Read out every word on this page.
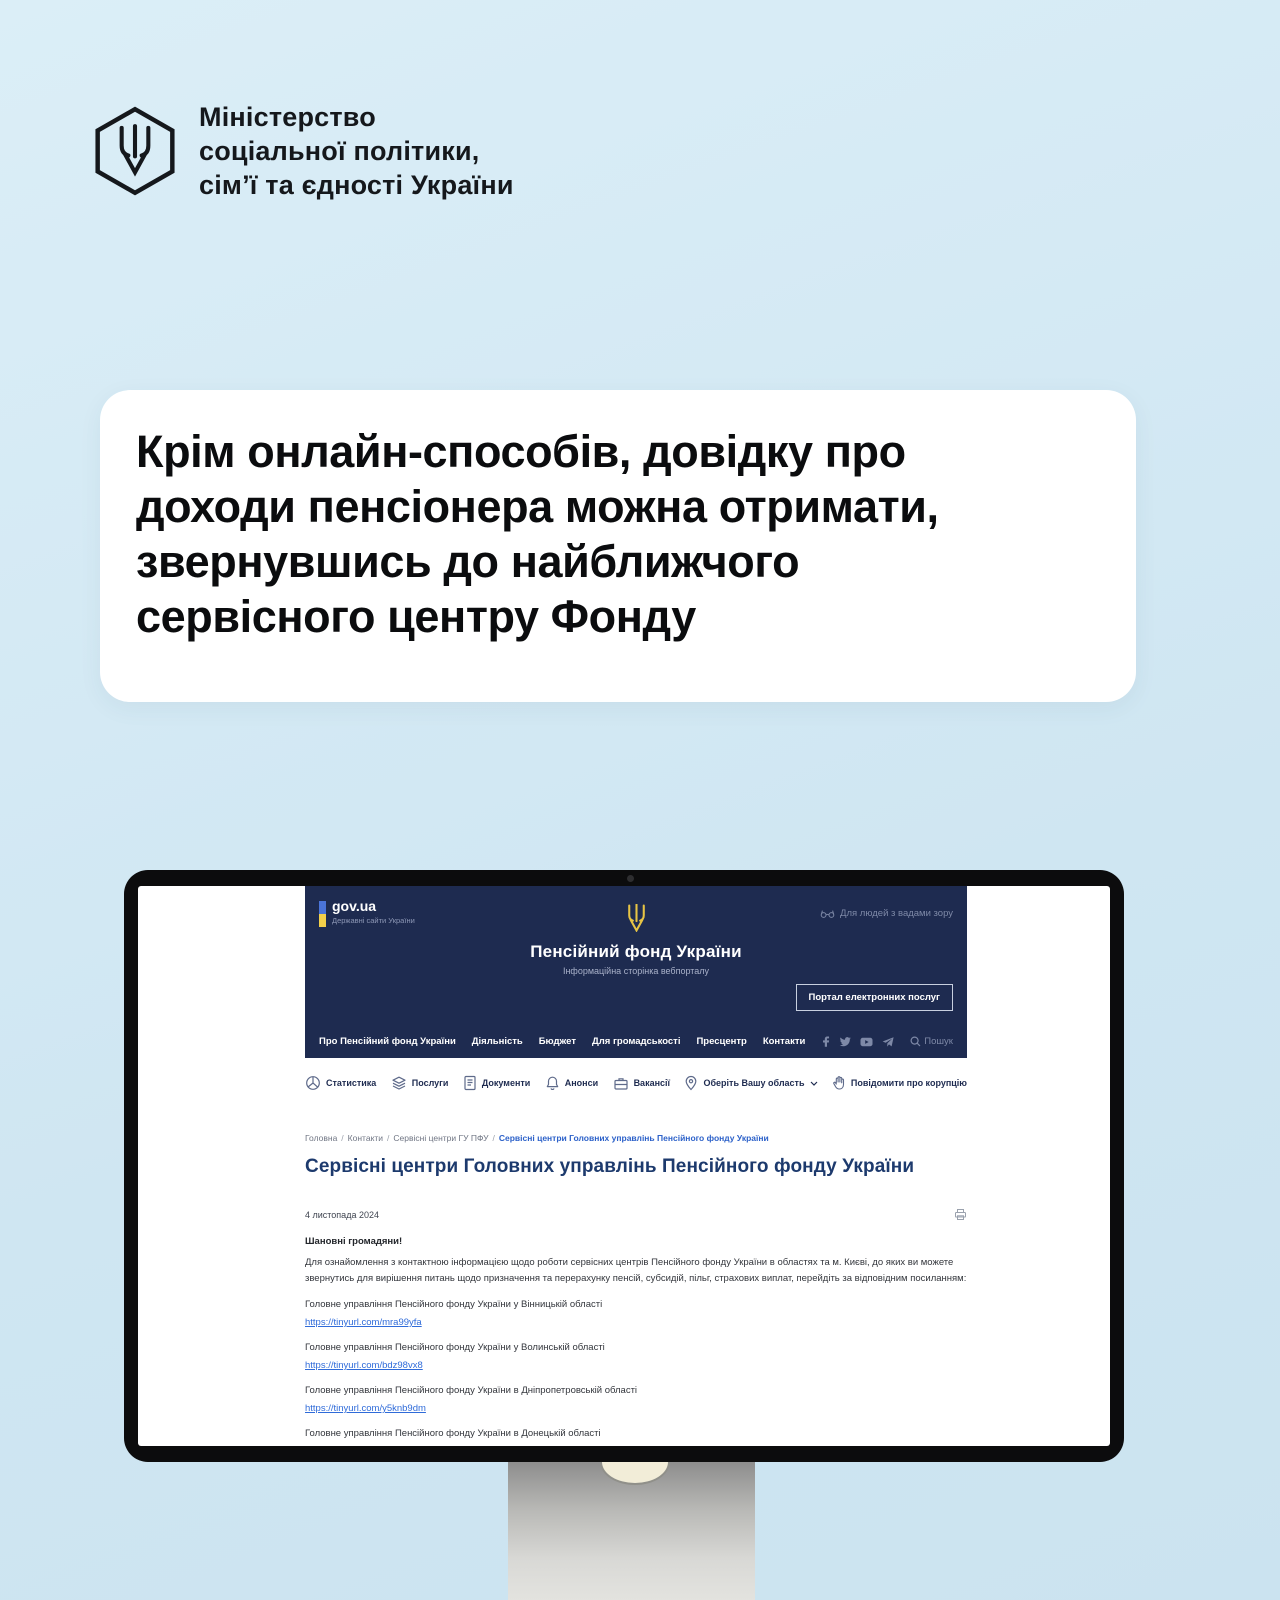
Міністерство
соціальної політики,
сім’ї та єдності України
Крім онлайн-способів, довідку про
доходи пенсіонера можна отримати,
звернувшись до найближчого
сервісного центру Фонду
gov.ua
Державні сайти України
Для людей з вадами зору
Пенсійний фонд України
Інформаційна сторінка вебпорталу
Портал електронних послуг
Про Пенсійний фонд України Діяльність Бюджет Для громадськості Пресцентр Контакти	Пошук
Статистика	Послуги	Документи	Анонси	Вакансії	Оберіть Вашу область	Повідомити про корупцію
Головна / Контакти / Сервісні центри ГУ ПФУ / Сервісні центри Головних управлінь Пенсійного фонду України
Сервісні центри Головних управлінь Пенсійного фонду України
4 листопада 2024
Шановні громадяни!
Для ознайомлення з контактною інформацією щодо роботи сервісних центрів Пенсійного фонду України в областях та м. Києві, до яких ви можете звернутись для вирішення питань щодо призначення та перерахунку пенсій, субсидій, пільг, страхових виплат, перейдіть за відповідним посиланням:
Головне управління Пенсійного фонду України у Вінницькій області
https://tinyurl.com/mra99yfa
Головне управління Пенсійного фонду України у Волинській області
https://tinyurl.com/bdz98vx8
Головне управління Пенсійного фонду України в Дніпропетровській області
https://tinyurl.com/y5knb9dm
Головне управління Пенсійного фонду України в Донецькій області
